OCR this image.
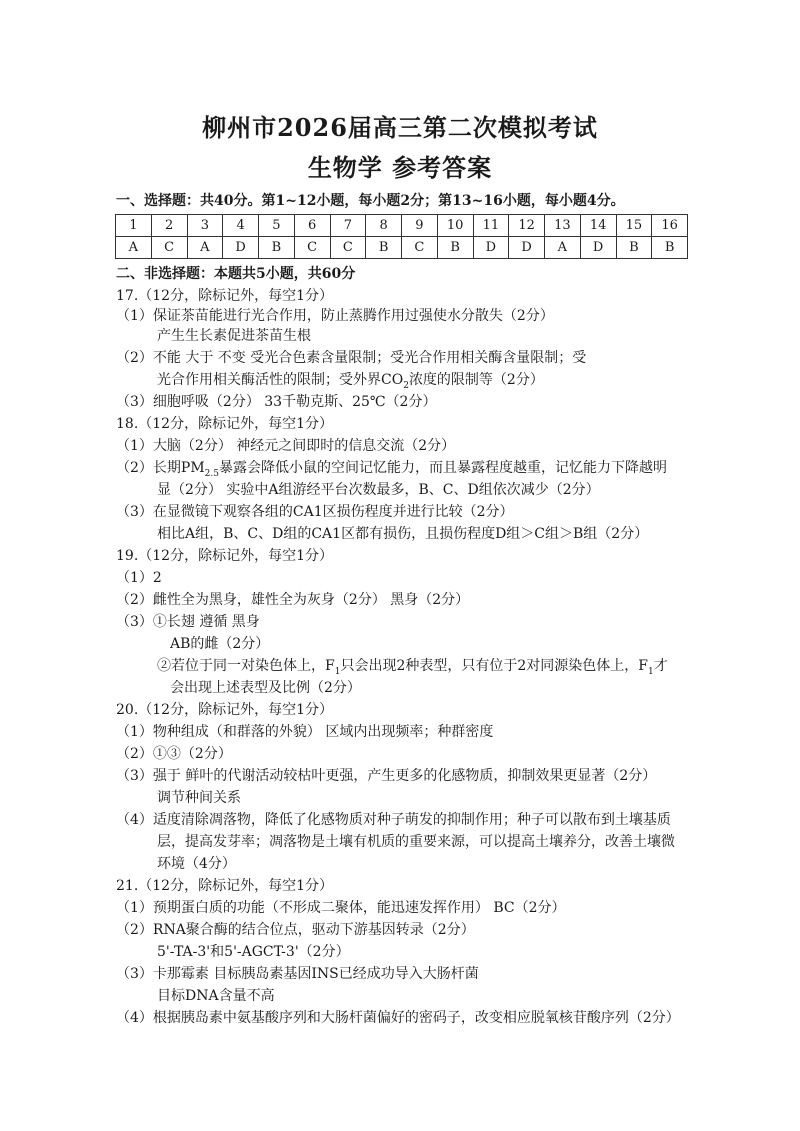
柳州市2026届高三第二次模拟考试
生物学 参考答案
一、选择题：共40分。第1~12小题，每小题2分；第13~16小题，每小题4分。
1	2	3	4	5	6	7	8	9	10	11	12	13	14	15	16
A	C	A	D	B	C	C	B	C	B	D	D	A	D	B	B
二、非选择题：本题共5小题，共60分
17.（12分，除标记外，每空1分）
（1）保证茶苗能进行光合作用，防止蒸腾作用过强使水分散失（2分）
产生生长素促进茶苗生根
（2）不能 大于 不变 受光合色素含量限制；受光合作用相关酶含量限制；受
光合作用相关酶活性的限制；受外界$CO_2$浓度的限制等（2分）
（3）细胞呼吸（2分） 33千勒克斯、25℃（2分）
18.（12分，除标记外，每空1分）
（1）大脑（2分） 神经元之间即时的信息交流（2分）
（2）长期$PM_{2.5}$暴露会降低小鼠的空间记忆能力，而且暴露程度越重，记忆能力下降越明
显（2分） 实验中A组游经平台次数最多，B、C、D组依次减少（2分）
（3）在显微镜下观察各组的CA1区损伤程度并进行比较（2分）
相比A组，B、C、D组的CA1区都有损伤，且损伤程度D组＞C组＞B组（2分）
19.（12分，除标记外，每空1分）
（1）2
（2）雌性全为黑身，雄性全为灰身（2分） 黑身（2分）
（3）①长翅 遵循 黑身
AB的雌（2分）
②若位于同一对染色体上，$F_1$只会出现2种表型，只有位于2对同源染色体上，$F_1$才
会出现上述表型及比例（2分）
20.（12分，除标记外，每空1分）
（1）物种组成（和群落的外貌） 区域内出现频率；种群密度
（2）①③（2分）
（3）强于 鲜叶的代谢活动较枯叶更强，产生更多的化感物质，抑制效果更显著（2分）
调节种间关系
（4）适度清除凋落物，降低了化感物质对种子萌发的抑制作用；种子可以散布到土壤基质
层，提高发芽率；凋落物是土壤有机质的重要来源，可以提高土壤养分，改善土壤微
环境（4分）
21.（12分，除标记外，每空1分）
（1）预期蛋白质的功能（不形成二聚体，能迅速发挥作用） BC（2分）
（2）RNA聚合酶的结合位点，驱动下游基因转录（2分）
5'-TA-3'和5'-AGCT-3'（2分）
（3）卡那霉素 目标胰岛素基因INS已经成功导入大肠杆菌
目标DNA含量不高
（4）根据胰岛素中氨基酸序列和大肠杆菌偏好的密码子，改变相应脱氧核苷酸序列（2分）
